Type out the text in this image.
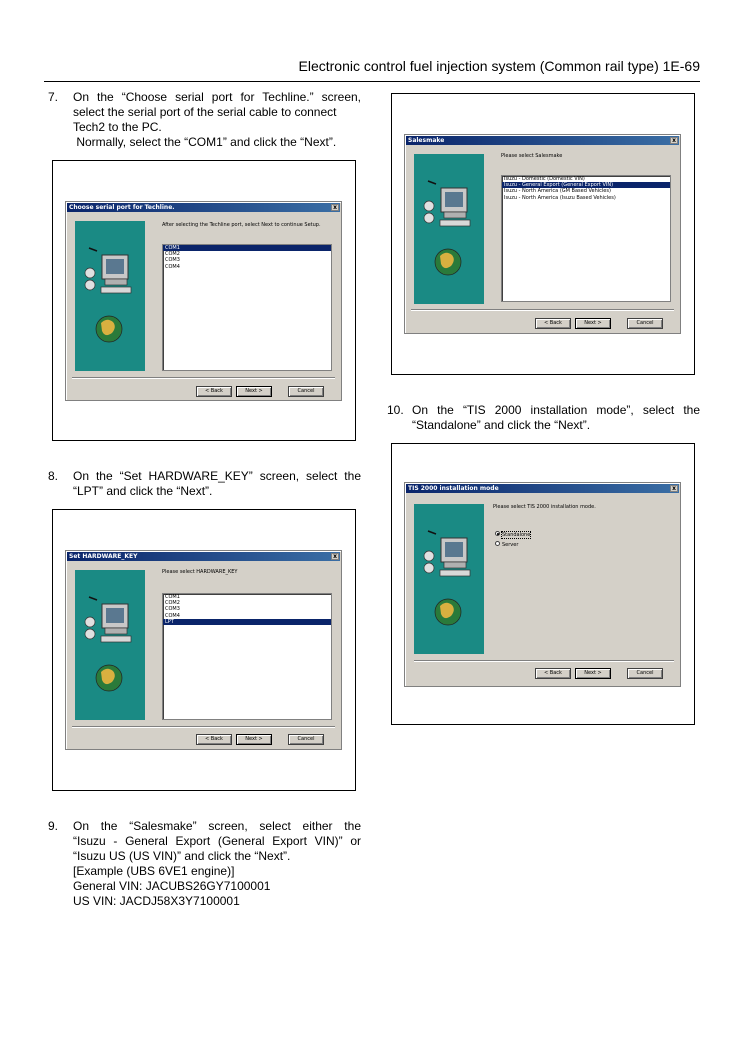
Electronic control fuel injection system (Common rail type) 1E-69
7. On the “Choose serial port for Techline.” screen,
select the serial port of the serial cable to connect
Tech2 to the PC.
Normally, select the “COM1” and click the “Next”.
Choose serial port for Techline.	x
After selecting the Techline port, select Next to continue Setup.
COM1
COM2
COM3
COM4
< Back	Next >	Cancel
8. On the “Set HARDWARE_KEY” screen, select the
“LPT” and click the “Next”.
Set HARDWARE_KEY	x
Please select HARDWARE_KEY
COM1
COM2
COM3
COM4
LPT
< Back	Next >	Cancel
9. On the “Salesmake” screen, select either the
“Isuzu - General Export (General Export VIN)” or
“Isuzu US (US VIN)” and click the “Next”.
[Example (UBS 6VE1 engine)]
General VIN: JACUBS26GY7100001
US VIN: JACDJ58X3Y7100001
Salesmake	x
Please select Salesmake
Isuzu - Domestic (Domestic VIN)
Isuzu - General Export (General Export VIN)
Isuzu - North America (GM Based Vehicles)
Isuzu - North America (Isuzu Based Vehicles)
< Back	Next >	Cancel
10. On the “TIS 2000 installation mode”, select the
“Standalone” and click the “Next”.
TIS 2000 installation mode	x
Please select TIS 2000 installation mode.
Standalone
Server
< Back	Next >	Cancel
